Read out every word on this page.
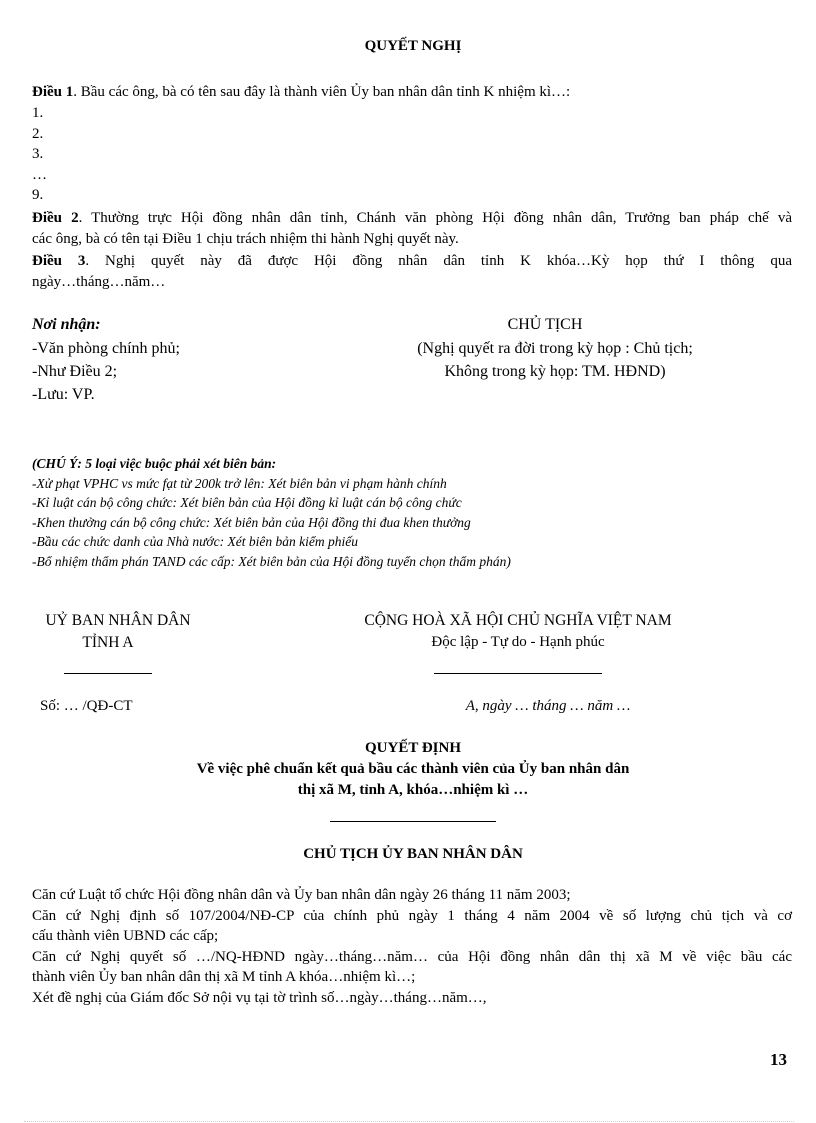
QUYẾT NGHỊ
Điều 1. Bầu các ông, bà có tên sau đây là thành viên Ủy ban nhân dân tỉnh K nhiệm kì…:
1.
2.
3.
…
9.
Điều 2. Thường trực Hội đồng nhân dân tỉnh, Chánh văn phòng Hội đồng nhân dân, Trưởng ban pháp chế và
các ông, bà có tên tại Điều 1 chịu trách nhiệm thi hành Nghị quyết này.
Điều 3. Nghị quyết này đã được Hội đồng nhân dân tỉnh K khóa…Kỳ họp thứ I thông qua
ngày…tháng…năm…
Nơi nhận:
-Văn phòng chính phủ;
-Như Điều 2;
-Lưu: VP.
CHỦ TỊCH
(Nghị quyết ra đời trong kỳ họp : Chủ tịch;
Không trong kỳ họp: TM. HĐND)
(CHÚ Ý: 5 loại việc buộc phải xét biên bản:
-Xử phạt VPHC vs mức fạt từ 200k trở lên: Xét biên bản vi phạm hành chính
-Kỉ luật cán bộ công chức: Xét biên bản của Hội đồng kỉ luật cán bộ công chức
-Khen thưởng cán bộ công chức: Xét biên bản của Hội đồng thi đua khen thưởng
-Bầu các chức danh của Nhà nước: Xét biên bản kiểm phiếu
-Bổ nhiệm thẩm phán TAND các cấp: Xét biên bản của Hội đồng tuyển chọn thẩm phán)
UỶ BAN NHÂN DÂN
TỈNH A
CỘNG HOÀ XÃ HỘI CHỦ NGHĨA VIỆT NAM
Độc lập - Tự do - Hạnh phúc
Số: … /QĐ-CT	A, ngày … tháng … năm …
QUYẾT ĐỊNH
Về việc phê chuẩn kết quả bầu các thành viên của Ủy ban nhân dân
thị xã M, tỉnh A, khóa…nhiệm kì …
CHỦ TỊCH ỦY BAN NHÂN DÂN
Căn cứ Luật tổ chức Hội đồng nhân dân và Ủy ban nhân dân ngày 26 tháng 11 năm 2003;
Căn cứ Nghị định số 107/2004/NĐ-CP của chính phủ ngày 1 tháng 4 năm 2004 về số lượng chủ tịch và cơ
cấu thành viên UBND các cấp;
Căn cứ Nghị quyết số …/NQ-HĐND ngày…tháng…năm… của Hội đồng nhân dân thị xã M về việc bầu các
thành viên Ủy ban nhân dân thị xã M tỉnh A khóa…nhiệm kì…;
Xét đề nghị của Giám đốc Sở nội vụ tại tờ trình số…ngày…tháng…năm…,
13
